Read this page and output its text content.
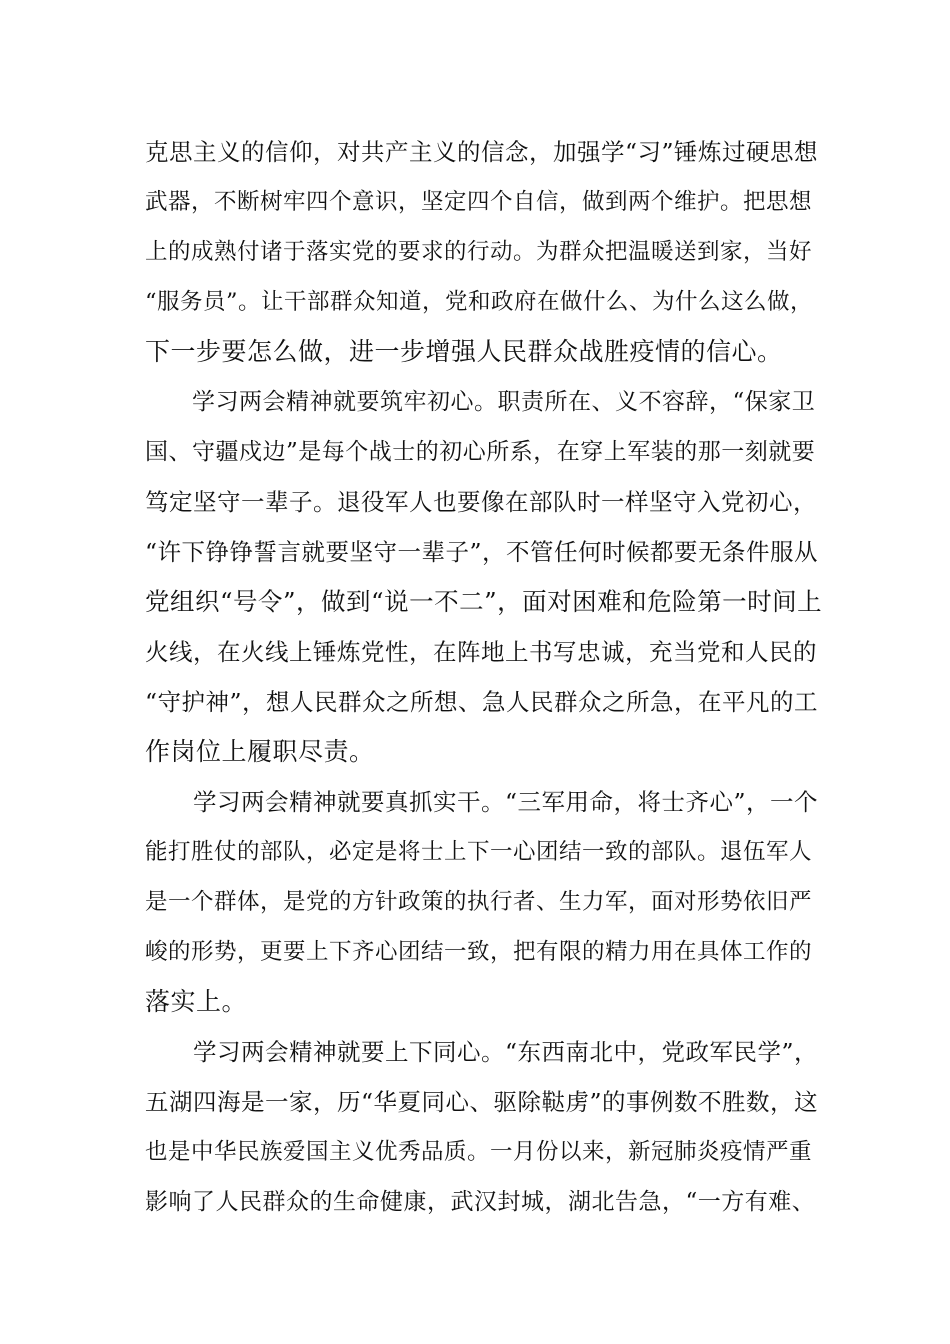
克思主义的信仰，对共产主义的信念，加强学“习”锤炼过硬思想
武器，不断树牢四个意识，坚定四个自信，做到两个维护。把思想
上的成熟付诸于落实党的要求的行动。为群众把温暖送到家，当好
“服务员”。让干部群众知道，党和政府在做什么、为什么这么做，
下一步要怎么做，进一步增强人民群众战胜疫情的信心。
　　学习两会精神就要筑牢初心。职责所在、义不容辞，“保家卫
国、守疆戍边”是每个战士的初心所系，在穿上军装的那一刻就要
笃定坚守一辈子。退役军人也要像在部队时一样坚守入党初心，
“许下铮铮誓言就要坚守一辈子”，不管任何时候都要无条件服从
党组织“号令”，做到“说一不二”，面对困难和危险第一时间上
火线，在火线上锤炼党性，在阵地上书写忠诚，充当党和人民的
“守护神”，想人民群众之所想、急人民群众之所急，在平凡的工
作岗位上履职尽责。
　　学习两会精神就要真抓实干。“三军用命，将士齐心”，一个
能打胜仗的部队，必定是将士上下一心团结一致的部队。退伍军人
是一个群体，是党的方针政策的执行者、生力军，面对形势依旧严
峻的形势，更要上下齐心团结一致，把有限的精力用在具体工作的
落实上。
　　学习两会精神就要上下同心。“东西南北中，党政军民学”，
五湖四海是一家，历“华夏同心、驱除鞑虏”的事例数不胜数，这
也是中华民族爱国主义优秀品质。一月份以来，新冠肺炎疫情严重
影响了人民群众的生命健康，武汉封城，湖北告急，“一方有难、
